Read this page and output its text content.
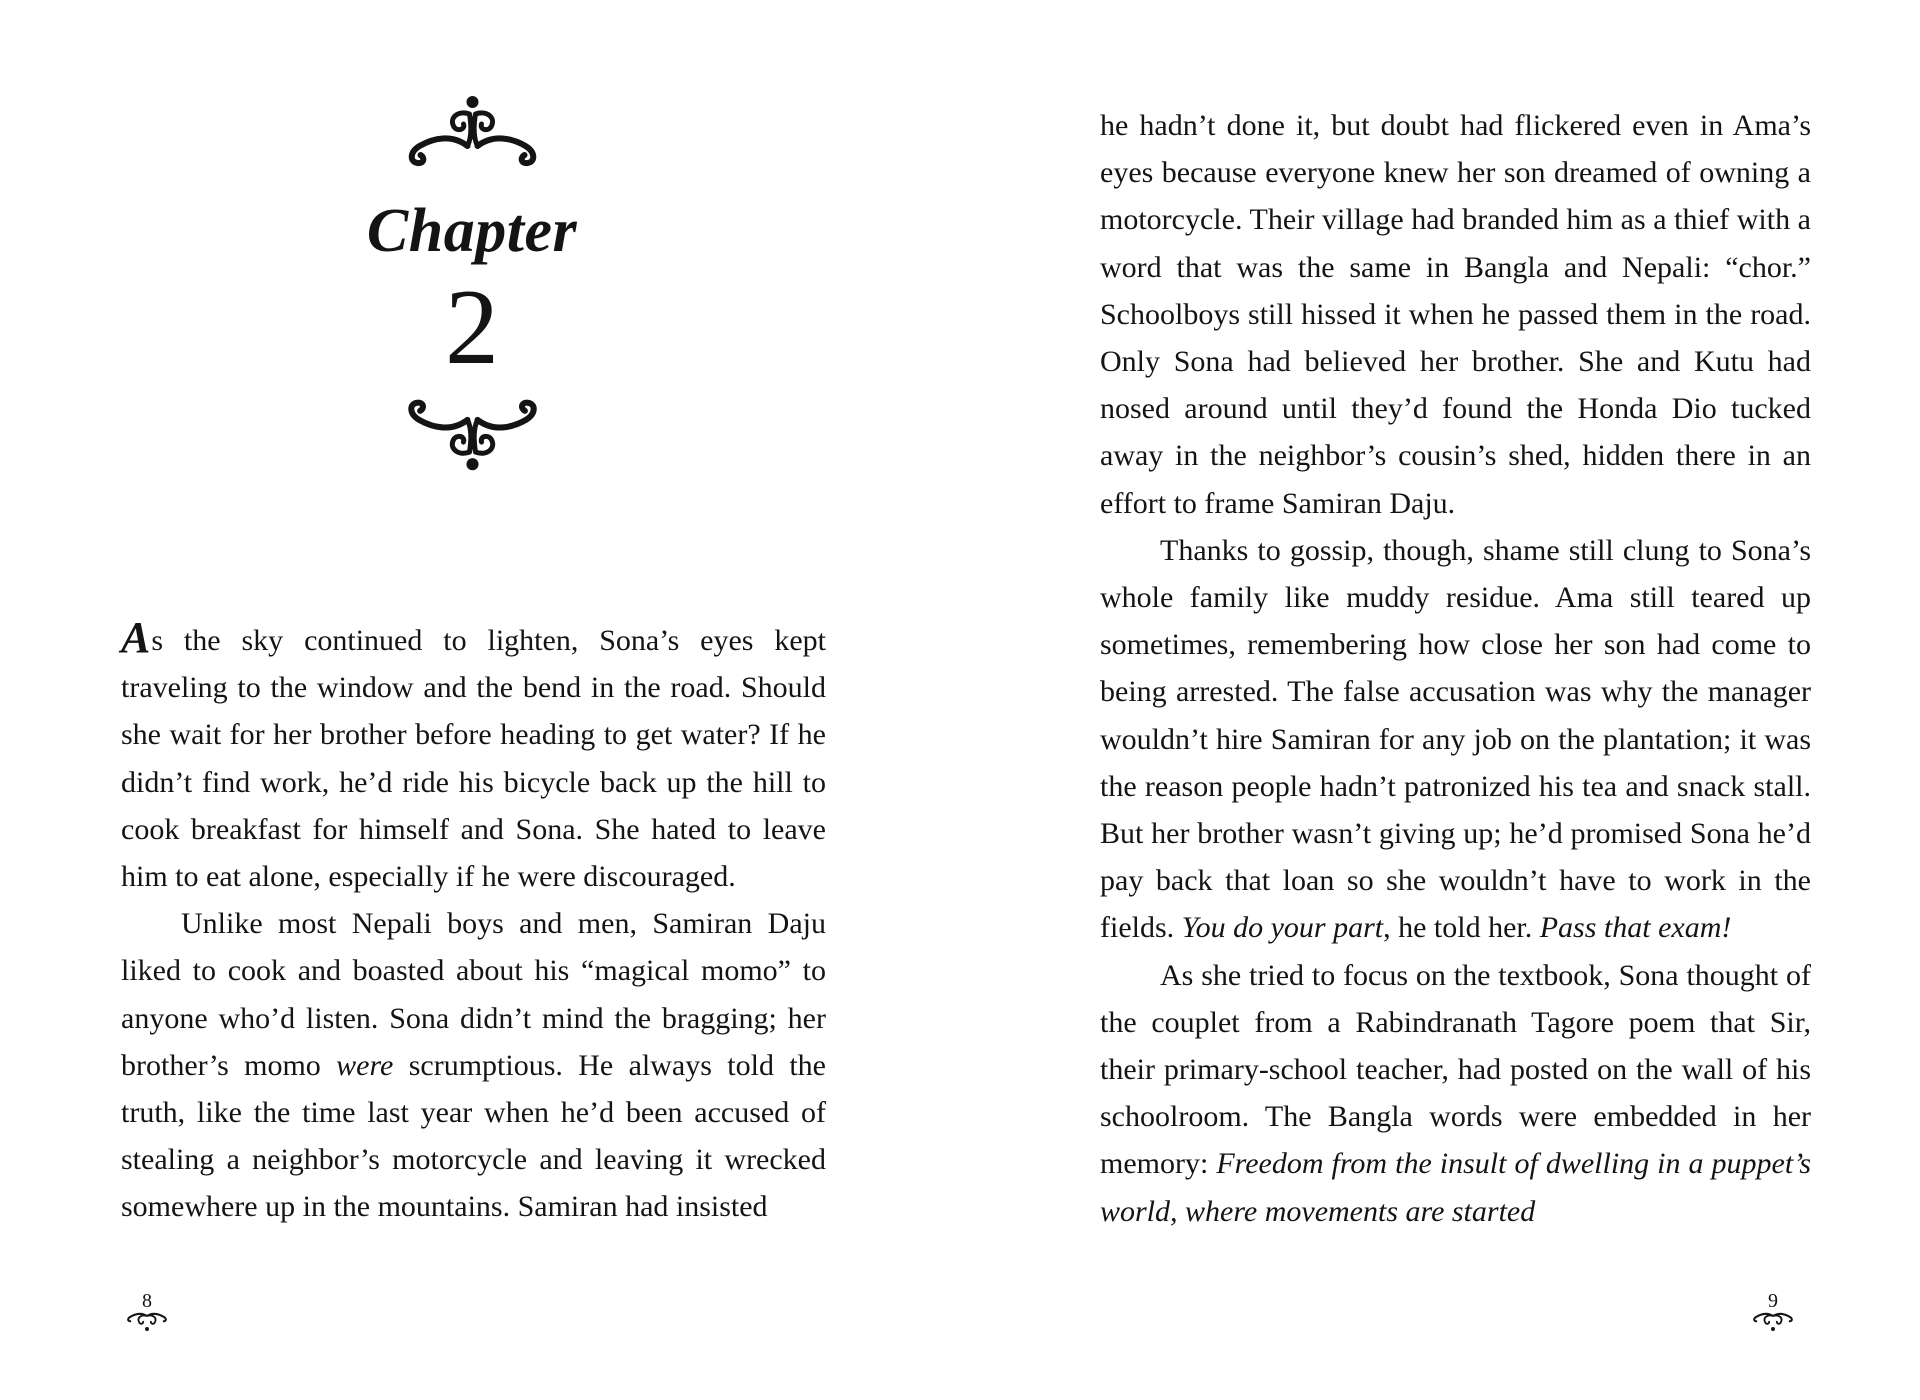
Chapter
2

As the sky continued to lighten, Sona’s eyes kept traveling to the window and the bend in the road. Should she wait for her brother before heading to get water? If he didn’t find work, he’d ride his bicycle back up the hill to cook breakfast for himself and Sona. She hated to leave him to eat alone, especially if he were discouraged.

Unlike most Nepali boys and men, Samiran Daju liked to cook and boasted about his “magical momo” to anyone who’d listen. Sona didn’t mind the bragging; her brother’s momo were scrumptious. He always told the truth, like the time last year when he’d been accused of stealing a neighbor’s motorcycle and leaving it wrecked somewhere up in the mountains. Samiran had insisted

8

he hadn’t done it, but doubt had flickered even in Ama’s eyes because everyone knew her son dreamed of owning a motorcycle. Their village had branded him as a thief with a word that was the same in Bangla and Nepali: “chor.” Schoolboys still hissed it when he passed them in the road. Only Sona had believed her brother. She and Kutu had nosed around until they’d found the Honda Dio tucked away in the neighbor’s cousin’s shed, hidden there in an effort to frame Samiran Daju.

Thanks to gossip, though, shame still clung to Sona’s whole family like muddy residue. Ama still teared up sometimes, remembering how close her son had come to being arrested. The false accusation was why the manager wouldn’t hire Samiran for any job on the plantation; it was the reason people hadn’t patronized his tea and snack stall. But her brother wasn’t giving up; he’d promised Sona he’d pay back that loan so she wouldn’t have to work in the fields. You do your part, he told her. Pass that exam!

As she tried to focus on the textbook, Sona thought of the couplet from a Rabindranath Tagore poem that Sir, their primary-school teacher, had posted on the wall of his schoolroom. The Bangla words were embedded in her memory: Freedom from the insult of dwelling in a puppet’s world, where movements are started

9
